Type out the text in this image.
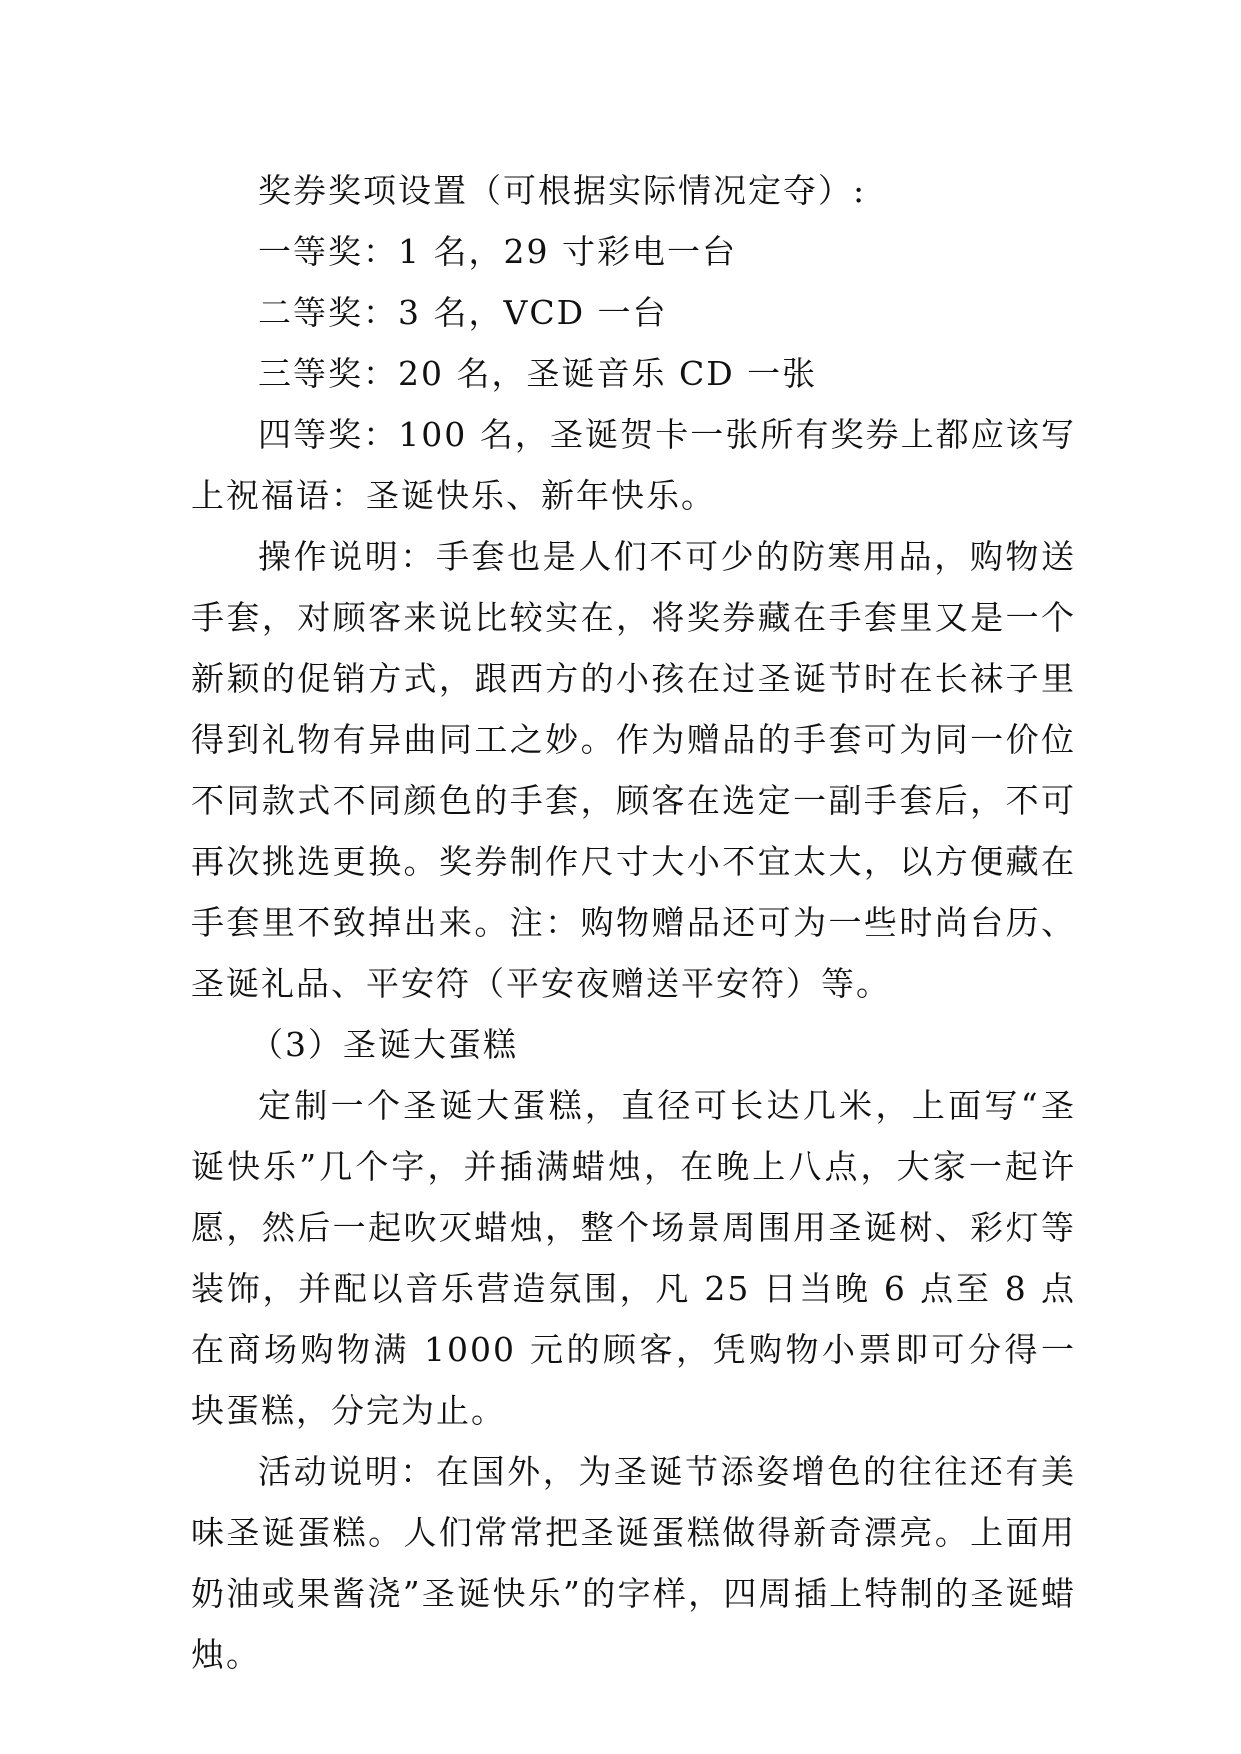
奖券奖项设置（可根据实际情况定夺）:

一等奖：1 名，29 寸彩电一台

二等奖：3 名，VCD 一台

三等奖：20 名，圣诞音乐 CD 一张

四等奖：100 名，圣诞贺卡一张所有奖券上都应该写上祝福语：圣诞快乐、新年快乐。

操作说明：手套也是人们不可少的防寒用品，购物送手套，对顾客来说比较实在，将奖券藏在手套里又是一个新颖的促销方式，跟西方的小孩在过圣诞节时在长袜子里得到礼物有异曲同工之妙。作为赠品的手套可为同一价位不同款式不同颜色的手套，顾客在选定一副手套后，不可再次挑选更换。奖券制作尺寸大小不宜太大，以方便藏在手套里不致掉出来。注：购物赠品还可为一些时尚台历、圣诞礼品、平安符（平安夜赠送平安符）等。

（3）圣诞大蛋糕

定制一个圣诞大蛋糕，直径可长达几米，上面写“圣诞快乐”几个字，并插满蜡烛，在晚上八点，大家一起许愿，然后一起吹灭蜡烛，整个场景周围用圣诞树、彩灯等装饰，并配以音乐营造氛围，凡 25 日当晚 6 点至 8 点在商场购物满 1000 元的顾客，凭购物小票即可分得一块蛋糕，分完为止。

活动说明：在国外，为圣诞节添姿增色的往往还有美味圣诞蛋糕。人们常常把圣诞蛋糕做得新奇漂亮。上面用奶油或果酱浇”圣诞快乐”的字样，四周插上特制的圣诞蜡烛。
